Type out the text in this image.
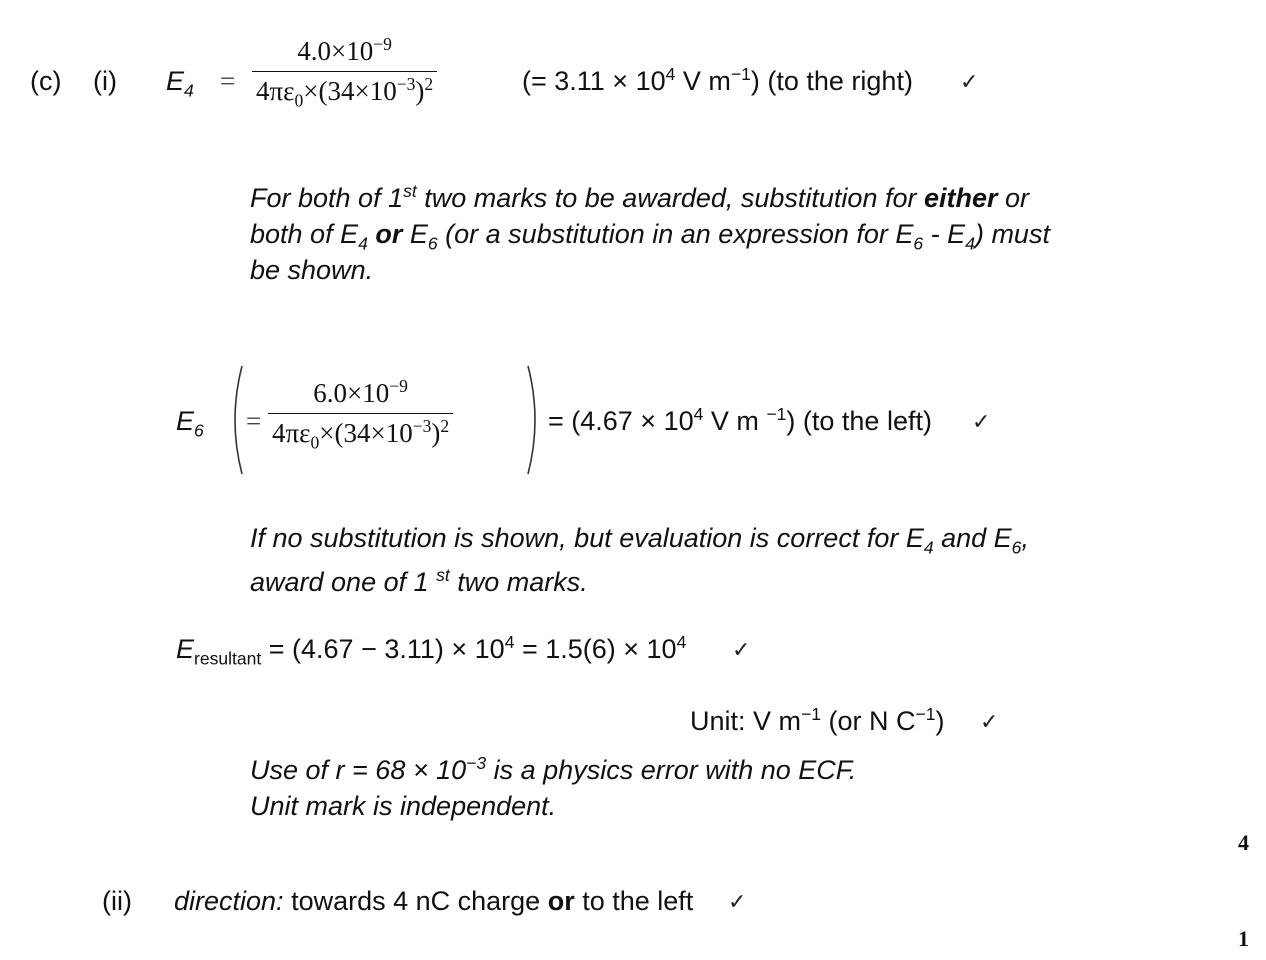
(c) (i) $E_4$ =
$4.0\times 10^{-9}$
$4\pi\varepsilon_0\times(34\times 10^{-3})^2$	(= $3.11 \times 10^4$ V $m^{-1}$) (to the right) ✓
For both of 1st two marks to be awarded, substitution for either or
both of $E_4$ or $E_6$ (or a substitution in an expression for $E_6 - E_4$) must
be shown.
$E_6$ =
$6.0\times 10^{-9}$
$4\pi\varepsilon_0\times(34\times 10^{-3})^2$	= ($4.67 \times 10^4$ V m $^{-1}$) (to the left) ✓
If no substitution is shown, but evaluation is correct for $E_4$ and $E_6$,
award one of 1 $^{st}$ two marks.
$E_{resultant} = (4.67 - 3.11) \times 10^4 = 1.5(6) \times 10^4$ ✓
Unit: V $m^{-1}$ (or N $C^{-1}$) ✓
Use of $r = 68 \times 10^{-3}$ is a physics error with no ECF.
Unit mark is independent.
4
(ii) direction: towards 4 nC charge or to the left ✓
1
